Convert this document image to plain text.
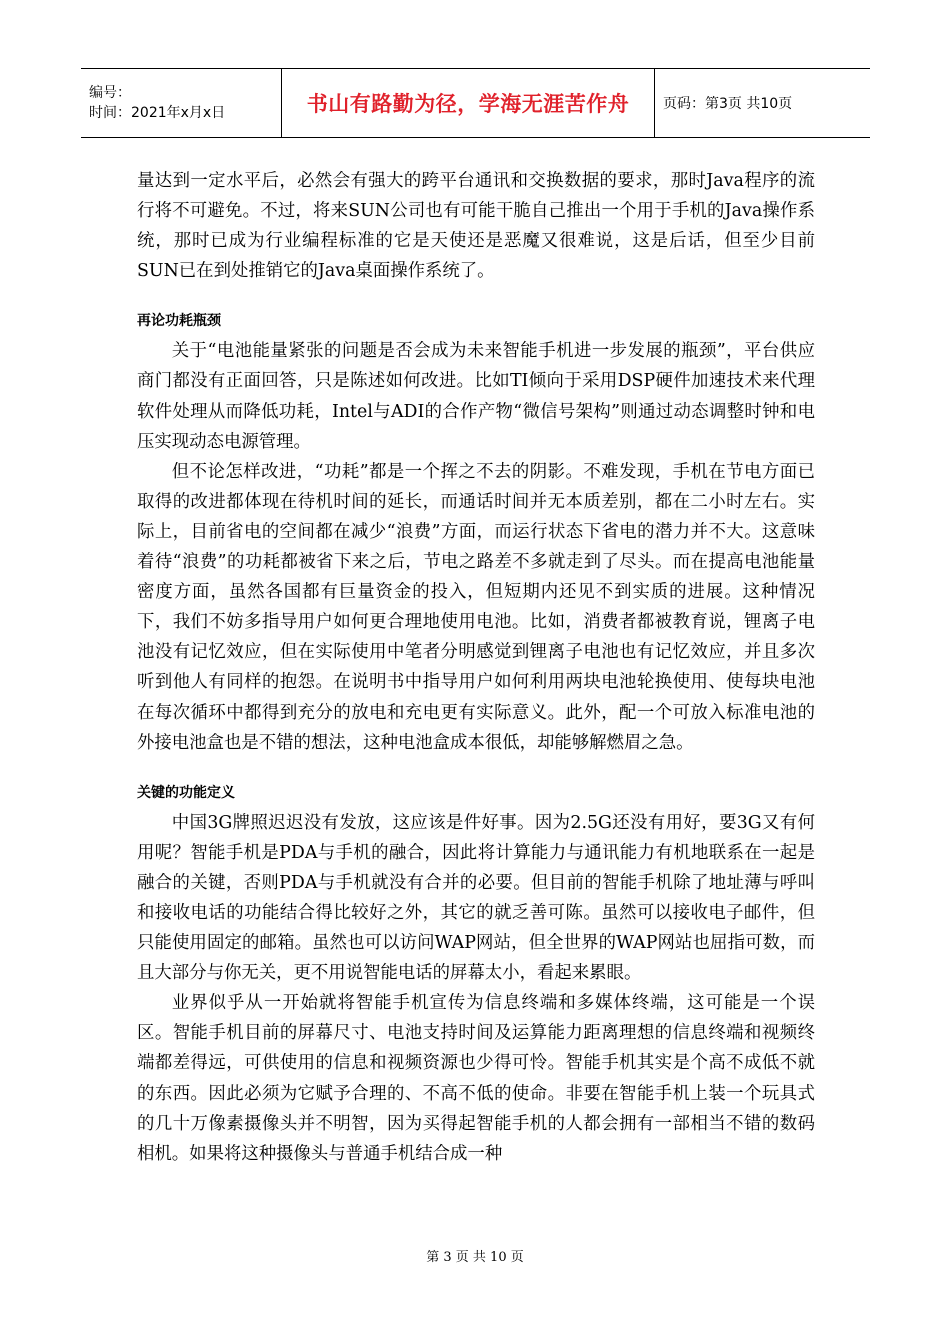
编号：
时间：2021年x月x日	书山有路勤为径，学海无涯苦作舟 页码：第3页 共10页

量达到一定水平后，必然会有强大的跨平台通讯和交换数据的要求，那时Java程序的流行将不可避免。不过，将来SUN公司也有可能干脆自己推出一个用于手机的Java操作系统，那时已成为行业编程标准的它是天使还是恶魔又很难说，这是后话，但至少目前SUN已在到处推销它的Java桌面操作系统了。

再论功耗瓶颈

关于“电池能量紧张的问题是否会成为未来智能手机进一步发展的瓶颈”，平台供应商门都没有正面回答，只是陈述如何改进。比如TI倾向于采用DSP硬件加速技术来代理软件处理从而降低功耗，Intel与ADI的合作产物“微信号架构”则通过动态调整时钟和电压实现动态电源管理。

但不论怎样改进，“功耗”都是一个挥之不去的阴影。不难发现，手机在节电方面已取得的改进都体现在待机时间的延长，而通话时间并无本质差别，都在二小时左右。实际上，目前省电的空间都在减少“浪费”方面，而运行状态下省电的潜力并不大。这意味着待“浪费”的功耗都被省下来之后，节电之路差不多就走到了尽头。而在提高电池能量密度方面，虽然各国都有巨量资金的投入，但短期内还见不到实质的进展。这种情况下，我们不妨多指导用户如何更合理地使用电池。比如，消费者都被教育说，锂离子电池没有记忆效应，但在实际使用中笔者分明感觉到锂离子电池也有记忆效应，并且多次听到他人有同样的抱怨。在说明书中指导用户如何利用两块电池轮换使用、使每块电池在每次循环中都得到充分的放电和充电更有实际意义。此外，配一个可放入标准电池的外接电池盒也是不错的想法，这种电池盒成本很低，却能够解燃眉之急。

关键的功能定义

中国3G牌照迟迟没有发放，这应该是件好事。因为2.5G还没有用好，要3G又有何用呢？智能手机是PDA与手机的融合，因此将计算能力与通讯能力有机地联系在一起是融合的关键，否则PDA与手机就没有合并的必要。但目前的智能手机除了地址薄与呼叫和接收电话的功能结合得比较好之外，其它的就乏善可陈。虽然可以接收电子邮件，但只能使用固定的邮箱。虽然也可以访问WAP网站，但全世界的WAP网站也屈指可数，而且大部分与你无关，更不用说智能电话的屏幕太小，看起来累眼。

业界似乎从一开始就将智能手机宣传为信息终端和多媒体终端，这可能是一个误区。智能手机目前的屏幕尺寸、电池支持时间及运算能力距离理想的信息终端和视频终端都差得远，可供使用的信息和视频资源也少得可怜。智能手机其实是个高不成低不就的东西。因此必须为它赋予合理的、不高不低的使命。非要在智能手机上装一个玩具式的几十万像素摄像头并不明智，因为买得起智能手机的人都会拥有一部相当不错的数码相机。如果将这种摄像头与普通手机结合成一种

第 3 页 共 10 页
